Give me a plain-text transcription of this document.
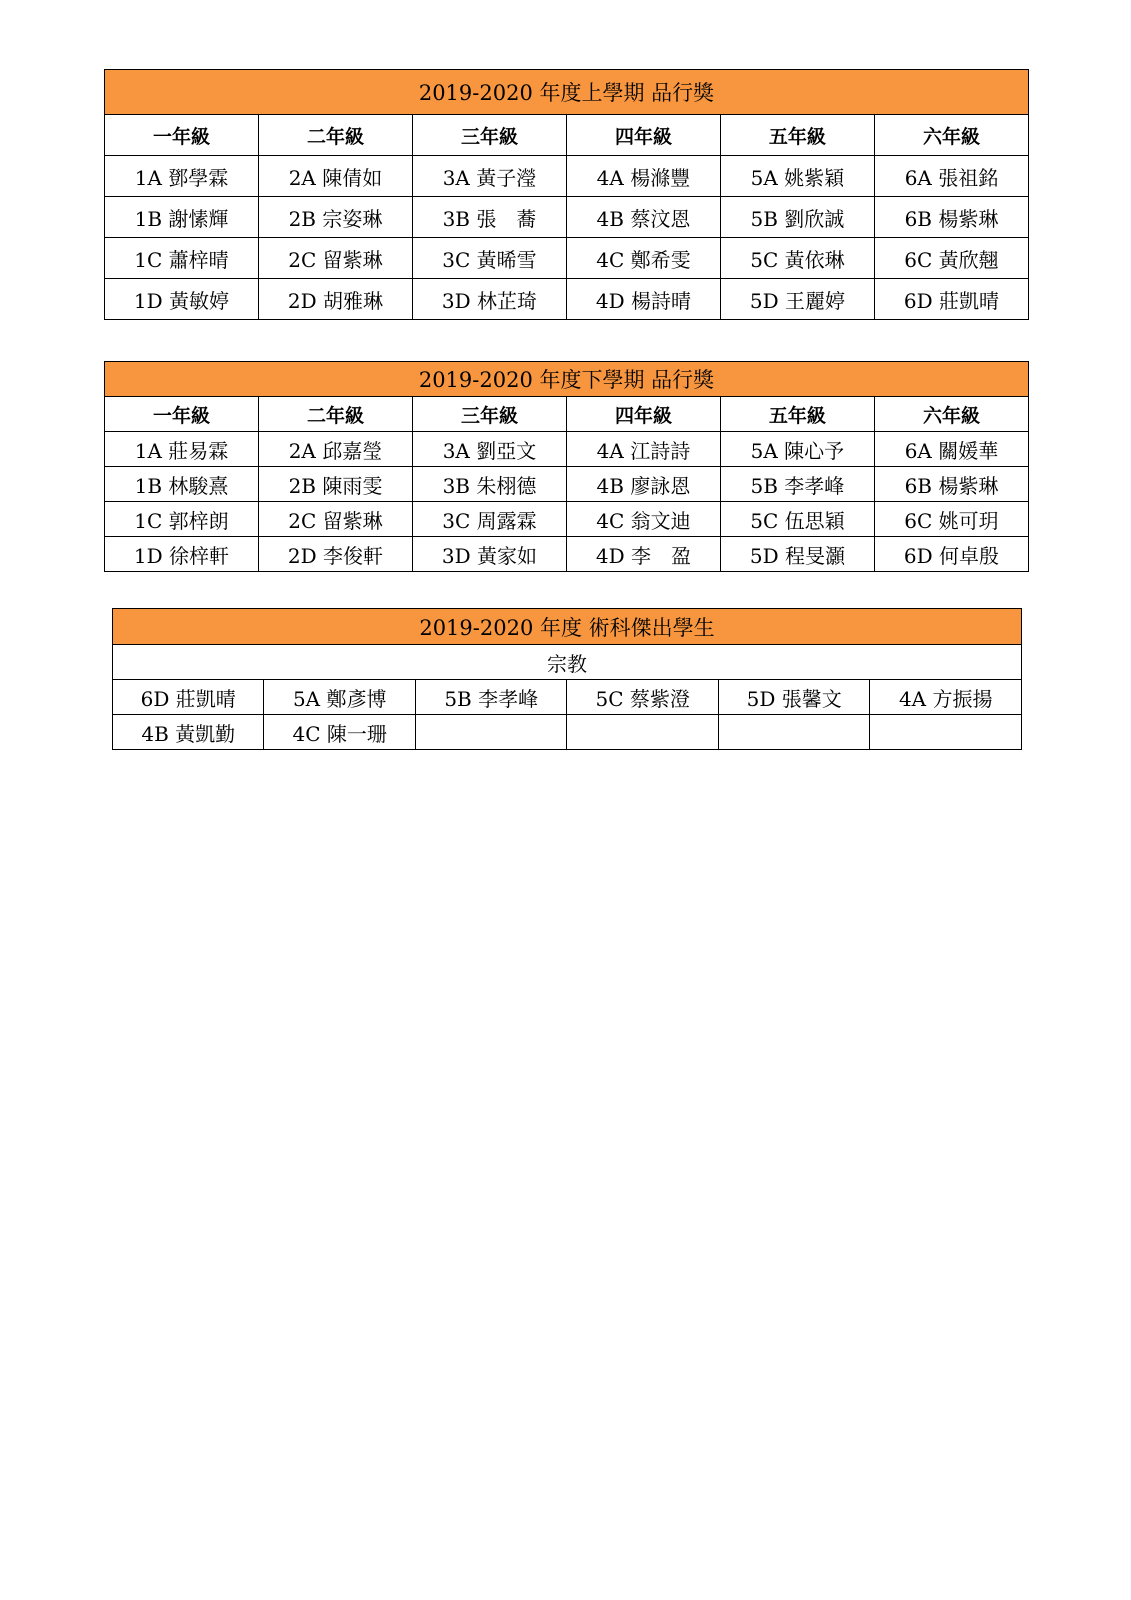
2019-2020 年度上學期 品行獎					
一年級	二年級	三年級	四年級	五年級	六年級
1A 鄧學霖	2A 陳倩如	3A 黃子瀅	4A 楊滌豐	5A 姚紫穎	6A 張祖銘
1B 謝愫輝	2B 宗姿琳	3B 張　蕎	4B 蔡汶恩	5B 劉欣誠	6B 楊紫琳
1C 蕭梓晴	2C 留紫琳	3C 黃晞雪	4C 鄭希雯	5C 黃依琳	6C 黃欣翹
1D 黃敏婷	2D 胡雅琳	3D 林芷琦	4D 楊詩晴	5D 王麗婷	6D 莊凱晴
2019-2020 年度下學期 品行獎					
一年級	二年級	三年級	四年級	五年級	六年級
1A 莊易霖	2A 邱嘉瑩	3A 劉亞文	4A 江詩詩	5A 陳心予	6A 關媛華
1B 林駿熹	2B 陳雨雯	3B 朱栩德	4B 廖詠恩	5B 李孝峰	6B 楊紫琳
1C 郭梓朗	2C 留紫琳	3C 周露霖	4C 翁文迪	5C 伍思穎	6C 姚可玥
1D 徐梓軒	2D 李俊軒	3D 黃家如	4D 李　盈	5D 程旻灝	6D 何卓殷
2019-2020 年度 術科傑出學生					
宗教					
6D 莊凱晴	5A 鄭彥博	5B 李孝峰	5C 蔡紫澄	5D 張馨文	4A 方振揚
4B 黃凱勤	4C 陳一珊				
